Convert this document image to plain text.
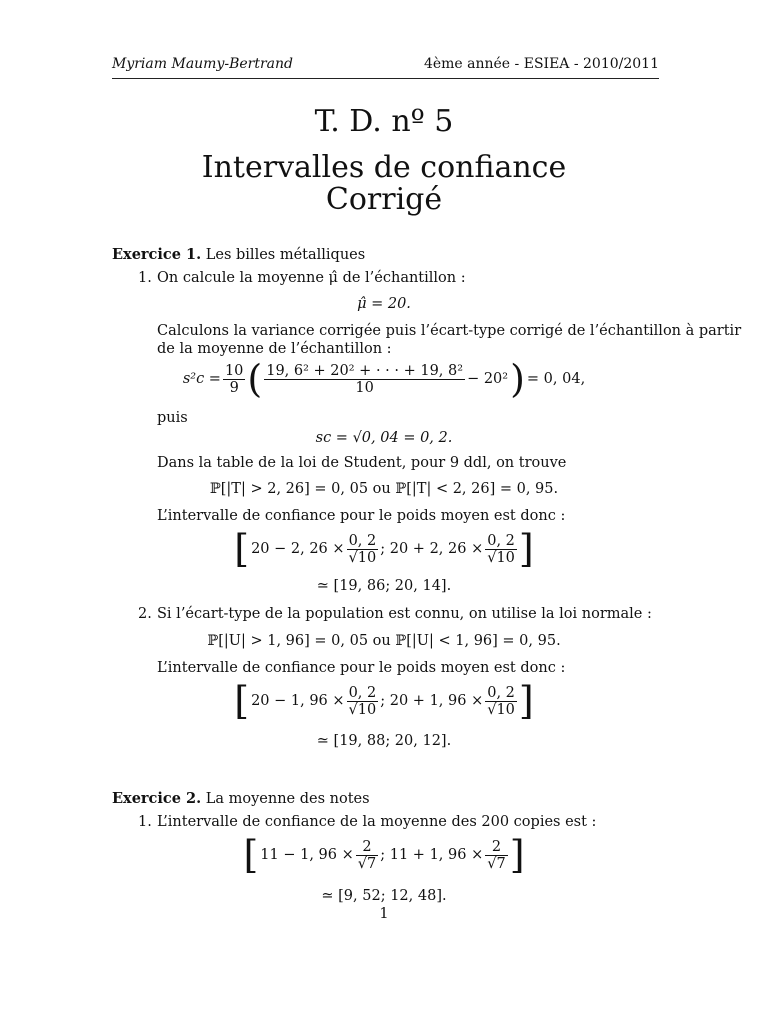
Myriam Maumy-Bertrand	4ème année - ESIEA - 2010/2011
T. D. nº 5
Intervalles de confiance
Corrigé
Exercice 1. Les billes métalliques
1. On calcule la moyenne μ̂ de l’échantillon :
μ̂ = 20.
Calculons la variance corrigée puis l’écart-type corrigé de l’échantillon à partir
de la moyenne de l’échantillon :
$s^2c = \frac{10}{9}$ ( $\frac{\text{19, 6² + 20² + · · · + 19, 8²}}{10} - 20^2$ ) = 0, 04,
puis
sc = √0, 04 = 0, 2.
Dans la table de la loi de Student, pour 9 ddl, on trouve
ℙ[|T| > 2, 26] = 0, 05 ou ℙ[|T| < 2, 26] = 0, 95.
L’intervalle de confiance pour le poids moyen est donc :
[ 20 − 2, $26 \times \frac{0, 2}{√10}$ ; 20 + 2, $26 \times \frac{0, 2}{√10}$ ]
≃ [19, 86; 20, 14].
2. Si l’écart-type de la population est connu, on utilise la loi normale :
ℙ[|U| > 1, 96] = 0, 05 ou ℙ[|U| < 1, 96] = 0, 95.
L’intervalle de confiance pour le poids moyen est donc :
[ 20 − 1, $96 \times \frac{0, 2}{√10}$ ; 20 + 1, $96 \times \frac{0, 2}{√10}$ ]
≃ [19, 88; 20, 12].
Exercice 2. La moyenne des notes
1. L’intervalle de confiance de la moyenne des 200 copies est :
[ 11 − 1, $96 \times \frac{2}{√7}$ ; 11 + 1, $96 \times \frac{2}{√7}$ ]
≃ [9, 52; 12, 48].
1
